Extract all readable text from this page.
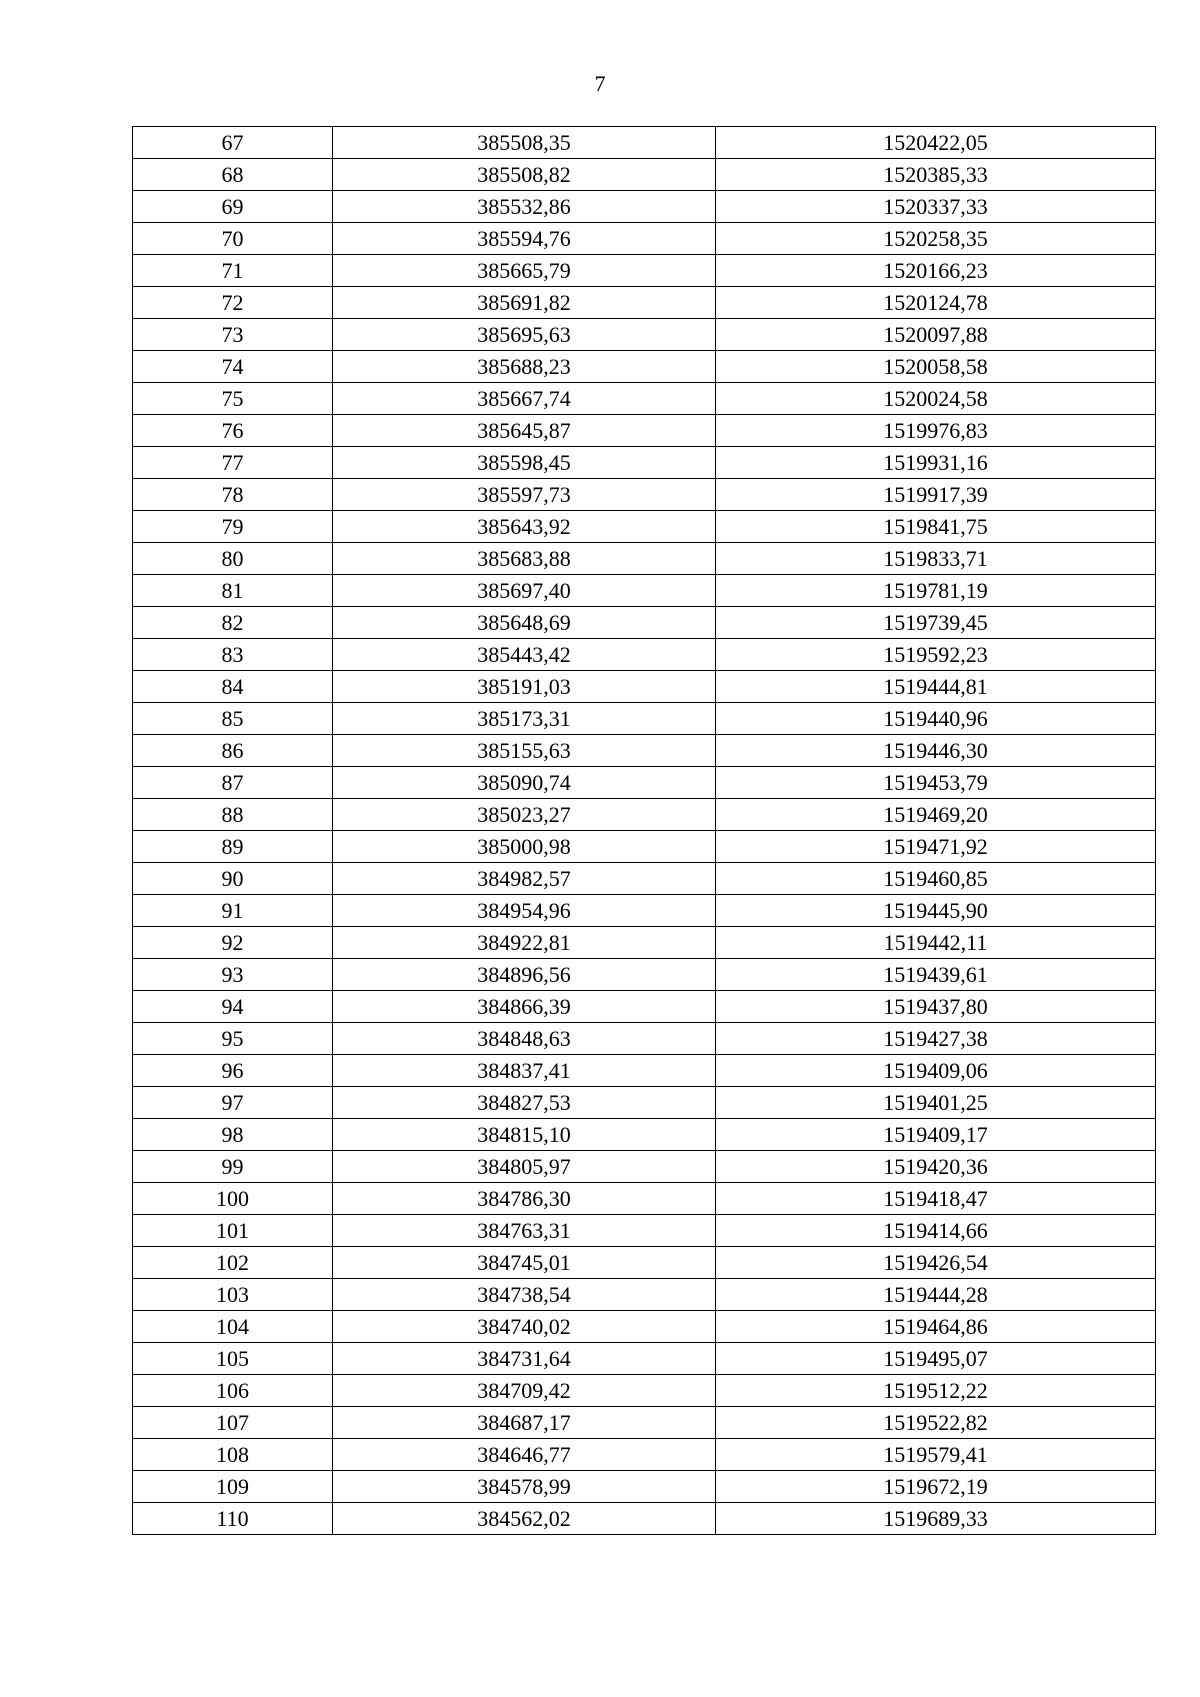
7
67	385508,35	1520422,05
68	385508,82	1520385,33
69	385532,86	1520337,33
70	385594,76	1520258,35
71	385665,79	1520166,23
72	385691,82	1520124,78
73	385695,63	1520097,88
74	385688,23	1520058,58
75	385667,74	1520024,58
76	385645,87	1519976,83
77	385598,45	1519931,16
78	385597,73	1519917,39
79	385643,92	1519841,75
80	385683,88	1519833,71
81	385697,40	1519781,19
82	385648,69	1519739,45
83	385443,42	1519592,23
84	385191,03	1519444,81
85	385173,31	1519440,96
86	385155,63	1519446,30
87	385090,74	1519453,79
88	385023,27	1519469,20
89	385000,98	1519471,92
90	384982,57	1519460,85
91	384954,96	1519445,90
92	384922,81	1519442,11
93	384896,56	1519439,61
94	384866,39	1519437,80
95	384848,63	1519427,38
96	384837,41	1519409,06
97	384827,53	1519401,25
98	384815,10	1519409,17
99	384805,97	1519420,36
100	384786,30	1519418,47
101	384763,31	1519414,66
102	384745,01	1519426,54
103	384738,54	1519444,28
104	384740,02	1519464,86
105	384731,64	1519495,07
106	384709,42	1519512,22
107	384687,17	1519522,82
108	384646,77	1519579,41
109	384578,99	1519672,19
110	384562,02	1519689,33
